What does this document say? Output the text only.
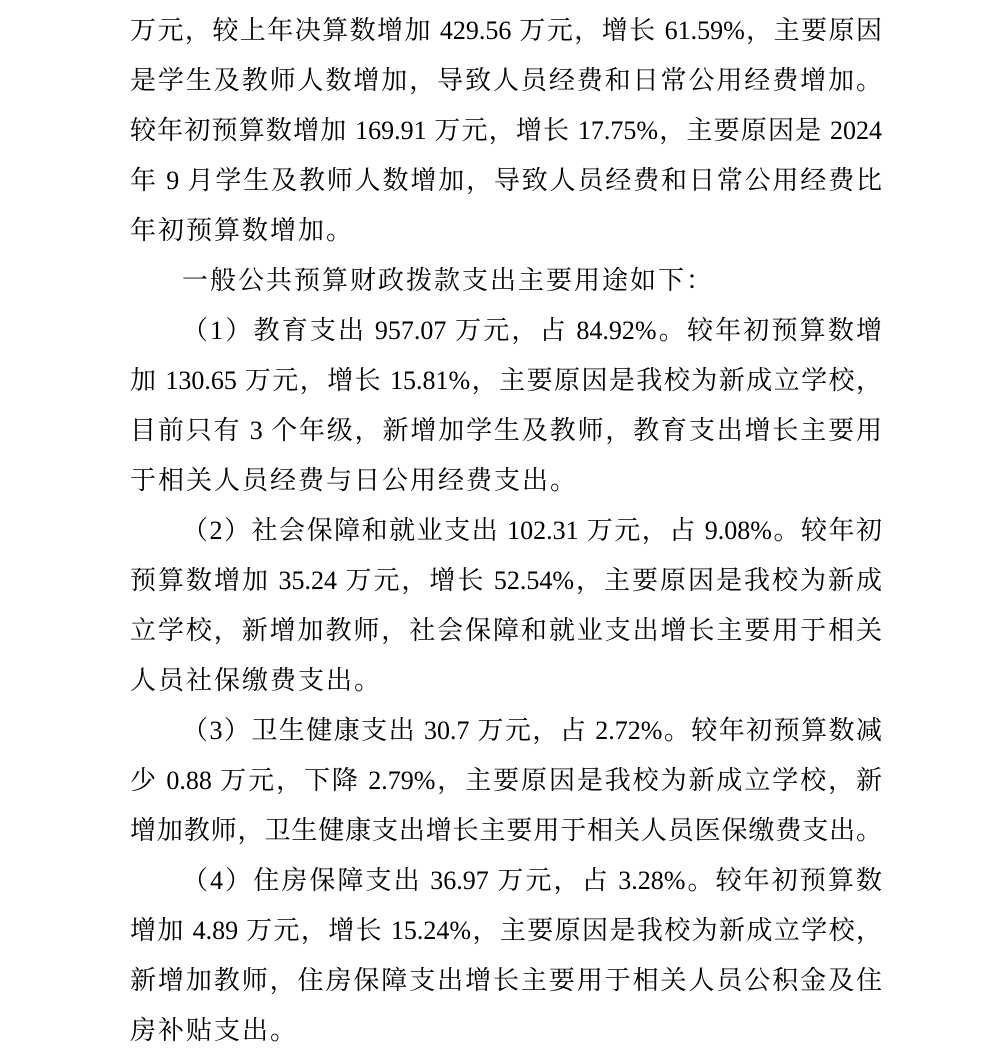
万元，较上年决算数增加 429.56 万元，增长 61.59%，主要原因
是学生及教师人数增加，导致人员经费和日常公用经费增加。
较年初预算数增加 169.91 万元，增长 17.75%，主要原因是 2024
年 9 月学生及教师人数增加，导致人员经费和日常公用经费比
年初预算数增加。

一般公共预算财政拨款支出主要用途如下：

（1）教育支出 957.07 万元，占 84.92%。较年初预算数增
加 130.65 万元，增长 15.81%，主要原因是我校为新成立学校，
目前只有 3 个年级，新增加学生及教师，教育支出增长主要用
于相关人员经费与日公用经费支出。

（2）社会保障和就业支出 102.31 万元，占 9.08%。较年初
预算数增加 35.24 万元，增长 52.54%，主要原因是我校为新成
立学校，新增加教师，社会保障和就业支出增长主要用于相关
人员社保缴费支出。

（3）卫生健康支出 30.7 万元，占 2.72%。较年初预算数减
少 0.88 万元，下降 2.79%，主要原因是我校为新成立学校，新
增加教师，卫生健康支出增长主要用于相关人员医保缴费支出。

（4）住房保障支出 36.97 万元，占 3.28%。较年初预算数
增加 4.89 万元，增长 15.24%，主要原因是我校为新成立学校，
新增加教师，住房保障支出增长主要用于相关人员公积金及住
房补贴支出。
